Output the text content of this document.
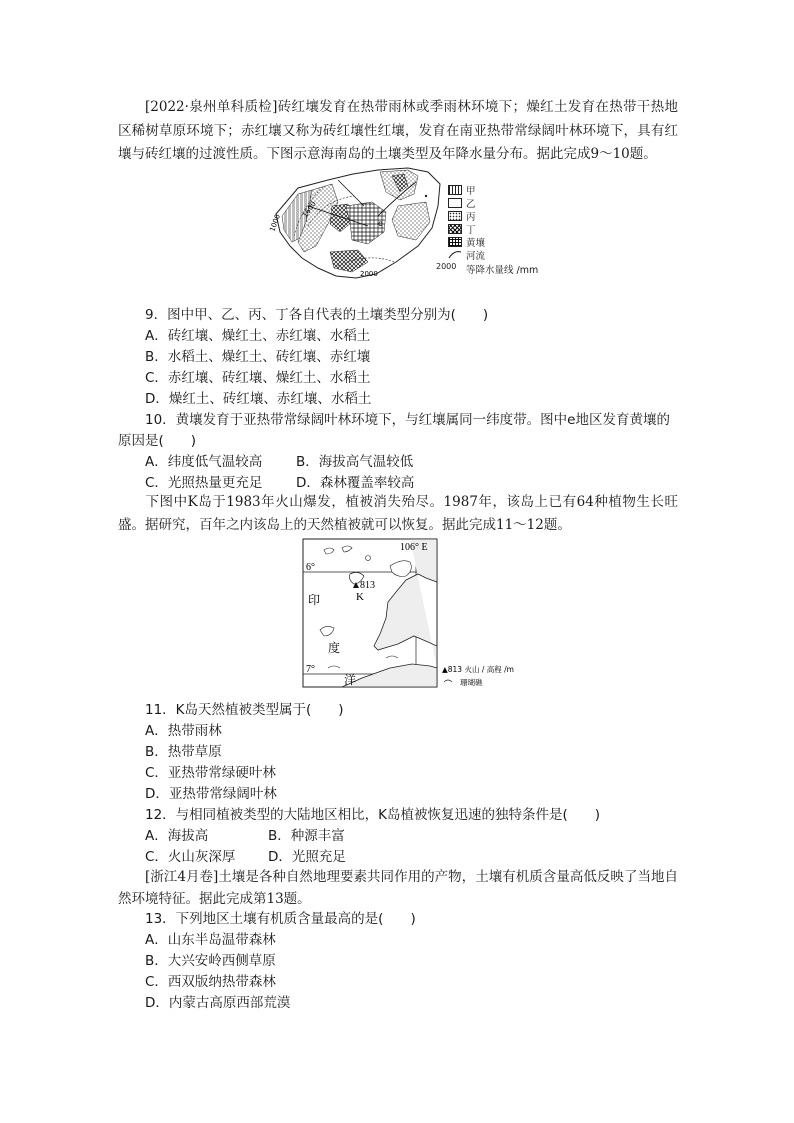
[2022·泉州单科质检]砖红壤发育在热带雨林或季雨林环境下；燥红土发育在热带干热地区稀树草原环境下；赤红壤又称为砖红壤性红壤，发育在南亚热带常绿阔叶林环境下，具有红壤与砖红壤的过渡性质。下图示意海南岛的土壤类型及年降水量分布。据此完成9～10题。

1000
1600
2000
e
甲
乙
丙
丁
黄壤
河流
2000 等降水量线 /mm

9．图中甲、乙、丙、丁各自代表的土壤类型分别为(　　)

A．砖红壤、燥红土、赤红壤、水稻土
B．水稻土、燥红土、砖红壤、赤红壤
C．赤红壤、砖红壤、燥红土、水稻土
D．燥红土、砖红壤、赤红壤、水稻土

10．黄壤发育于亚热带常绿阔叶林环境下，与红壤属同一纬度带。图中e地区发育黄壤的原因是(　　)

A．纬度低气温较高	B．海拔高气温较低
C．光照热量更充足 D．森林覆盖率较高

下图中K岛于1983年火山爆发，植被消失殆尽。1987年，该岛上已有64种植物生长旺盛。据研究，百年之内该岛上的天然植被就可以恢复。据此完成11～12题。

813
K
106° E
6°
7°
印
度
洋
▲813 火山 / 高程 /m
珊瑚礁

11．K岛天然植被类型属于(　　)

A．热带雨林
B．热带草原
C．亚热带常绿硬叶林
D．亚热带常绿阔叶林

12．与相同植被类型的大陆地区相比，K岛植被恢复迅速的独特条件是(　　)

A．海拔高	B．种源丰富
C．火山灰深厚 D．光照充足

[浙江4月卷]土壤是各种自然地理要素共同作用的产物，土壤有机质含量高低反映了当地自然环境特征。据此完成第13题。

13．下列地区土壤有机质含量最高的是(　　)

A．山东半岛温带森林
B．大兴安岭西侧草原
C．西双版纳热带森林
D．内蒙古高原西部荒漠
